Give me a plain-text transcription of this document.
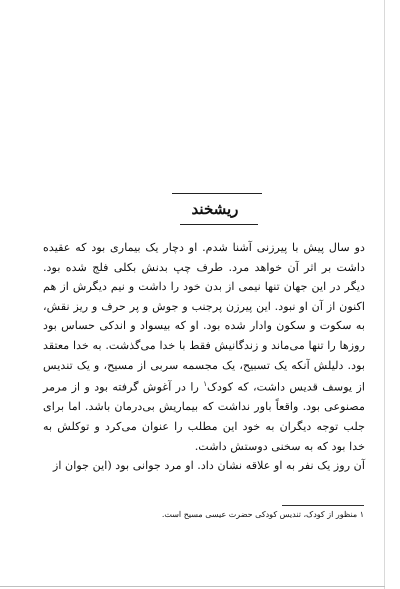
ریشخند

دو سال پیش با پیرزنی آشنا شدم. او دچار یک بیماری بود که عقیده داشت بر اثر آن خواهد مرد. طرف چپ بدنش بکلی فلج شده بود. دیگر در این جهان تنها نیمی از بدن خود را داشت و نیم دیگرش از هم اکنون از آن او نبود. این پیرزن پرجنب و جوش و پر حرف و ریز نقش، به سکوت و سکون وادار شده بود. او که بیسواد و اندکی حساس بود روزها را تنها می‌ماند و زندگانیش فقط با خدا می‌گذشت. به خدا معتقد بود. دلیلش آنکه یک تسبیح، یک مجسمه سربی از مسیح، و یک تندیس از یوسف قدیس داشت، که کودک$^۱$ را در آغوش گرفته بود و از مرمر مصنوعی بود. واقعاً باور نداشت که بیماریش بی‌درمان باشد. اما برای جلب توجه دیگران به خود این مطلب را عنوان می‌کرد و توکلش به خدا بود که به سخنی دوستش داشت.

آن روز یک نفر به او علاقه نشان داد. او مرد جوانی بود (این جوان از

۱ منظور از کودک، تندیس کودکی حضرت عیسی مسیح است.
